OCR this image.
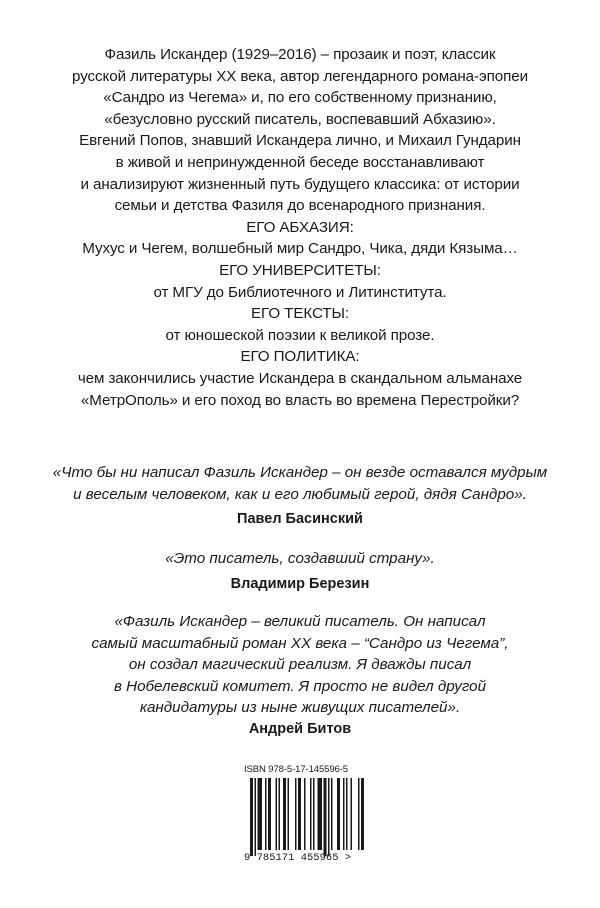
Фазиль Искандер (1929–2016) – прозаик и поэт, классик
русской литературы XX века, автор легендарного романа-эпопеи
«Сандро из Чегема» и, по его собственному признанию,
«безусловно русский писатель, воспевавший Абхазию».
Евгений Попов, знавший Искандера лично, и Михаил Гундарин
в живой и непринужденной беседе восстанавливают
и анализируют жизненный путь будущего классика: от истории
семьи и детства Фазиля до всенародного признания.
ЕГО АБХАЗИЯ:
Мухус и Чегем, волшебный мир Сандро, Чика, дяди Кязыма…
ЕГО УНИВЕРСИТЕТЫ:
от МГУ до Библиотечного и Литинститута.
ЕГО ТЕКСТЫ:
от юношеской поэзии к великой прозе.
ЕГО ПОЛИТИКА:
чем закончились участие Искандера в скандальном альманахе
«МетрОполь» и его поход во власть во времена Перестройки?
«Что бы ни написал Фазиль Искандер – он везде оставался мудрым
и веселым человеком, как и его любимый герой, дядя Сандро».
Павел Басинский
«Это писатель, создавший страну».
Владимир Березин
«Фазиль Искандер – великий писатель. Он написал
самый масштабный роман XX века – “Сандро из Чегема”,
он создал магический реализм. Я дважды писал
в Нобелевский комитет. Я просто не видел другой
кандидатуры из ныне живущих писателей».
Андрей Битов
ISBN 978-5-17-145596-5
9 785171 455965 >
